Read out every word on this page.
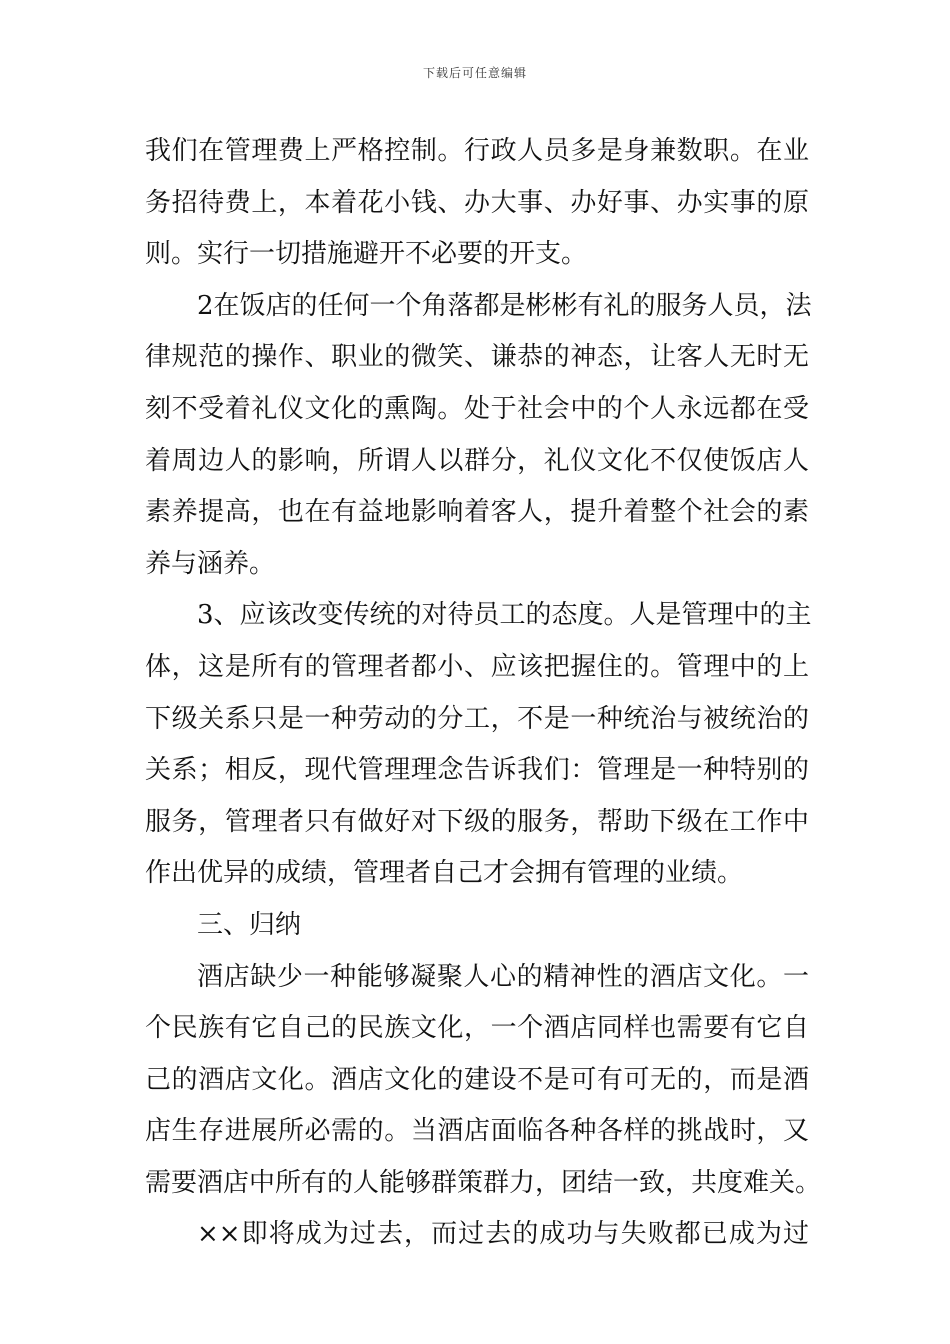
下载后可任意编辑
我们在管理费上严格控制。行政人员多是身兼数职。在业
务招待费上，本着花小钱、办大事、办好事、办实事的原
则。实行一切措施避开不必要的开支。
2在饭店的任何一个角落都是彬彬有礼的服务人员，法
律规范的操作、职业的微笑、谦恭的神态，让客人无时无
刻不受着礼仪文化的熏陶。处于社会中的个人永远都在受
着周边人的影响，所谓人以群分，礼仪文化不仅使饭店人
素养提高，也在有益地影响着客人，提升着整个社会的素
养与涵养。
3、应该改变传统的对待员工的态度。人是管理中的主
体，这是所有的管理者都小、应该把握住的。管理中的上
下级关系只是一种劳动的分工，不是一种统治与被统治的
关系；相反，现代管理理念告诉我们：管理是一种特别的
服务，管理者只有做好对下级的服务，帮助下级在工作中
作出优异的成绩，管理者自己才会拥有管理的业绩。
三、归纳
酒店缺少一种能够凝聚人心的精神性的酒店文化。一
个民族有它自己的民族文化，一个酒店同样也需要有它自
己的酒店文化。酒店文化的建设不是可有可无的，而是酒
店生存进展所必需的。当酒店面临各种各样的挑战时，又
需要酒店中所有的人能够群策群力，团结一致，共度难关。
××即将成为过去，而过去的成功与失败都已成为过
